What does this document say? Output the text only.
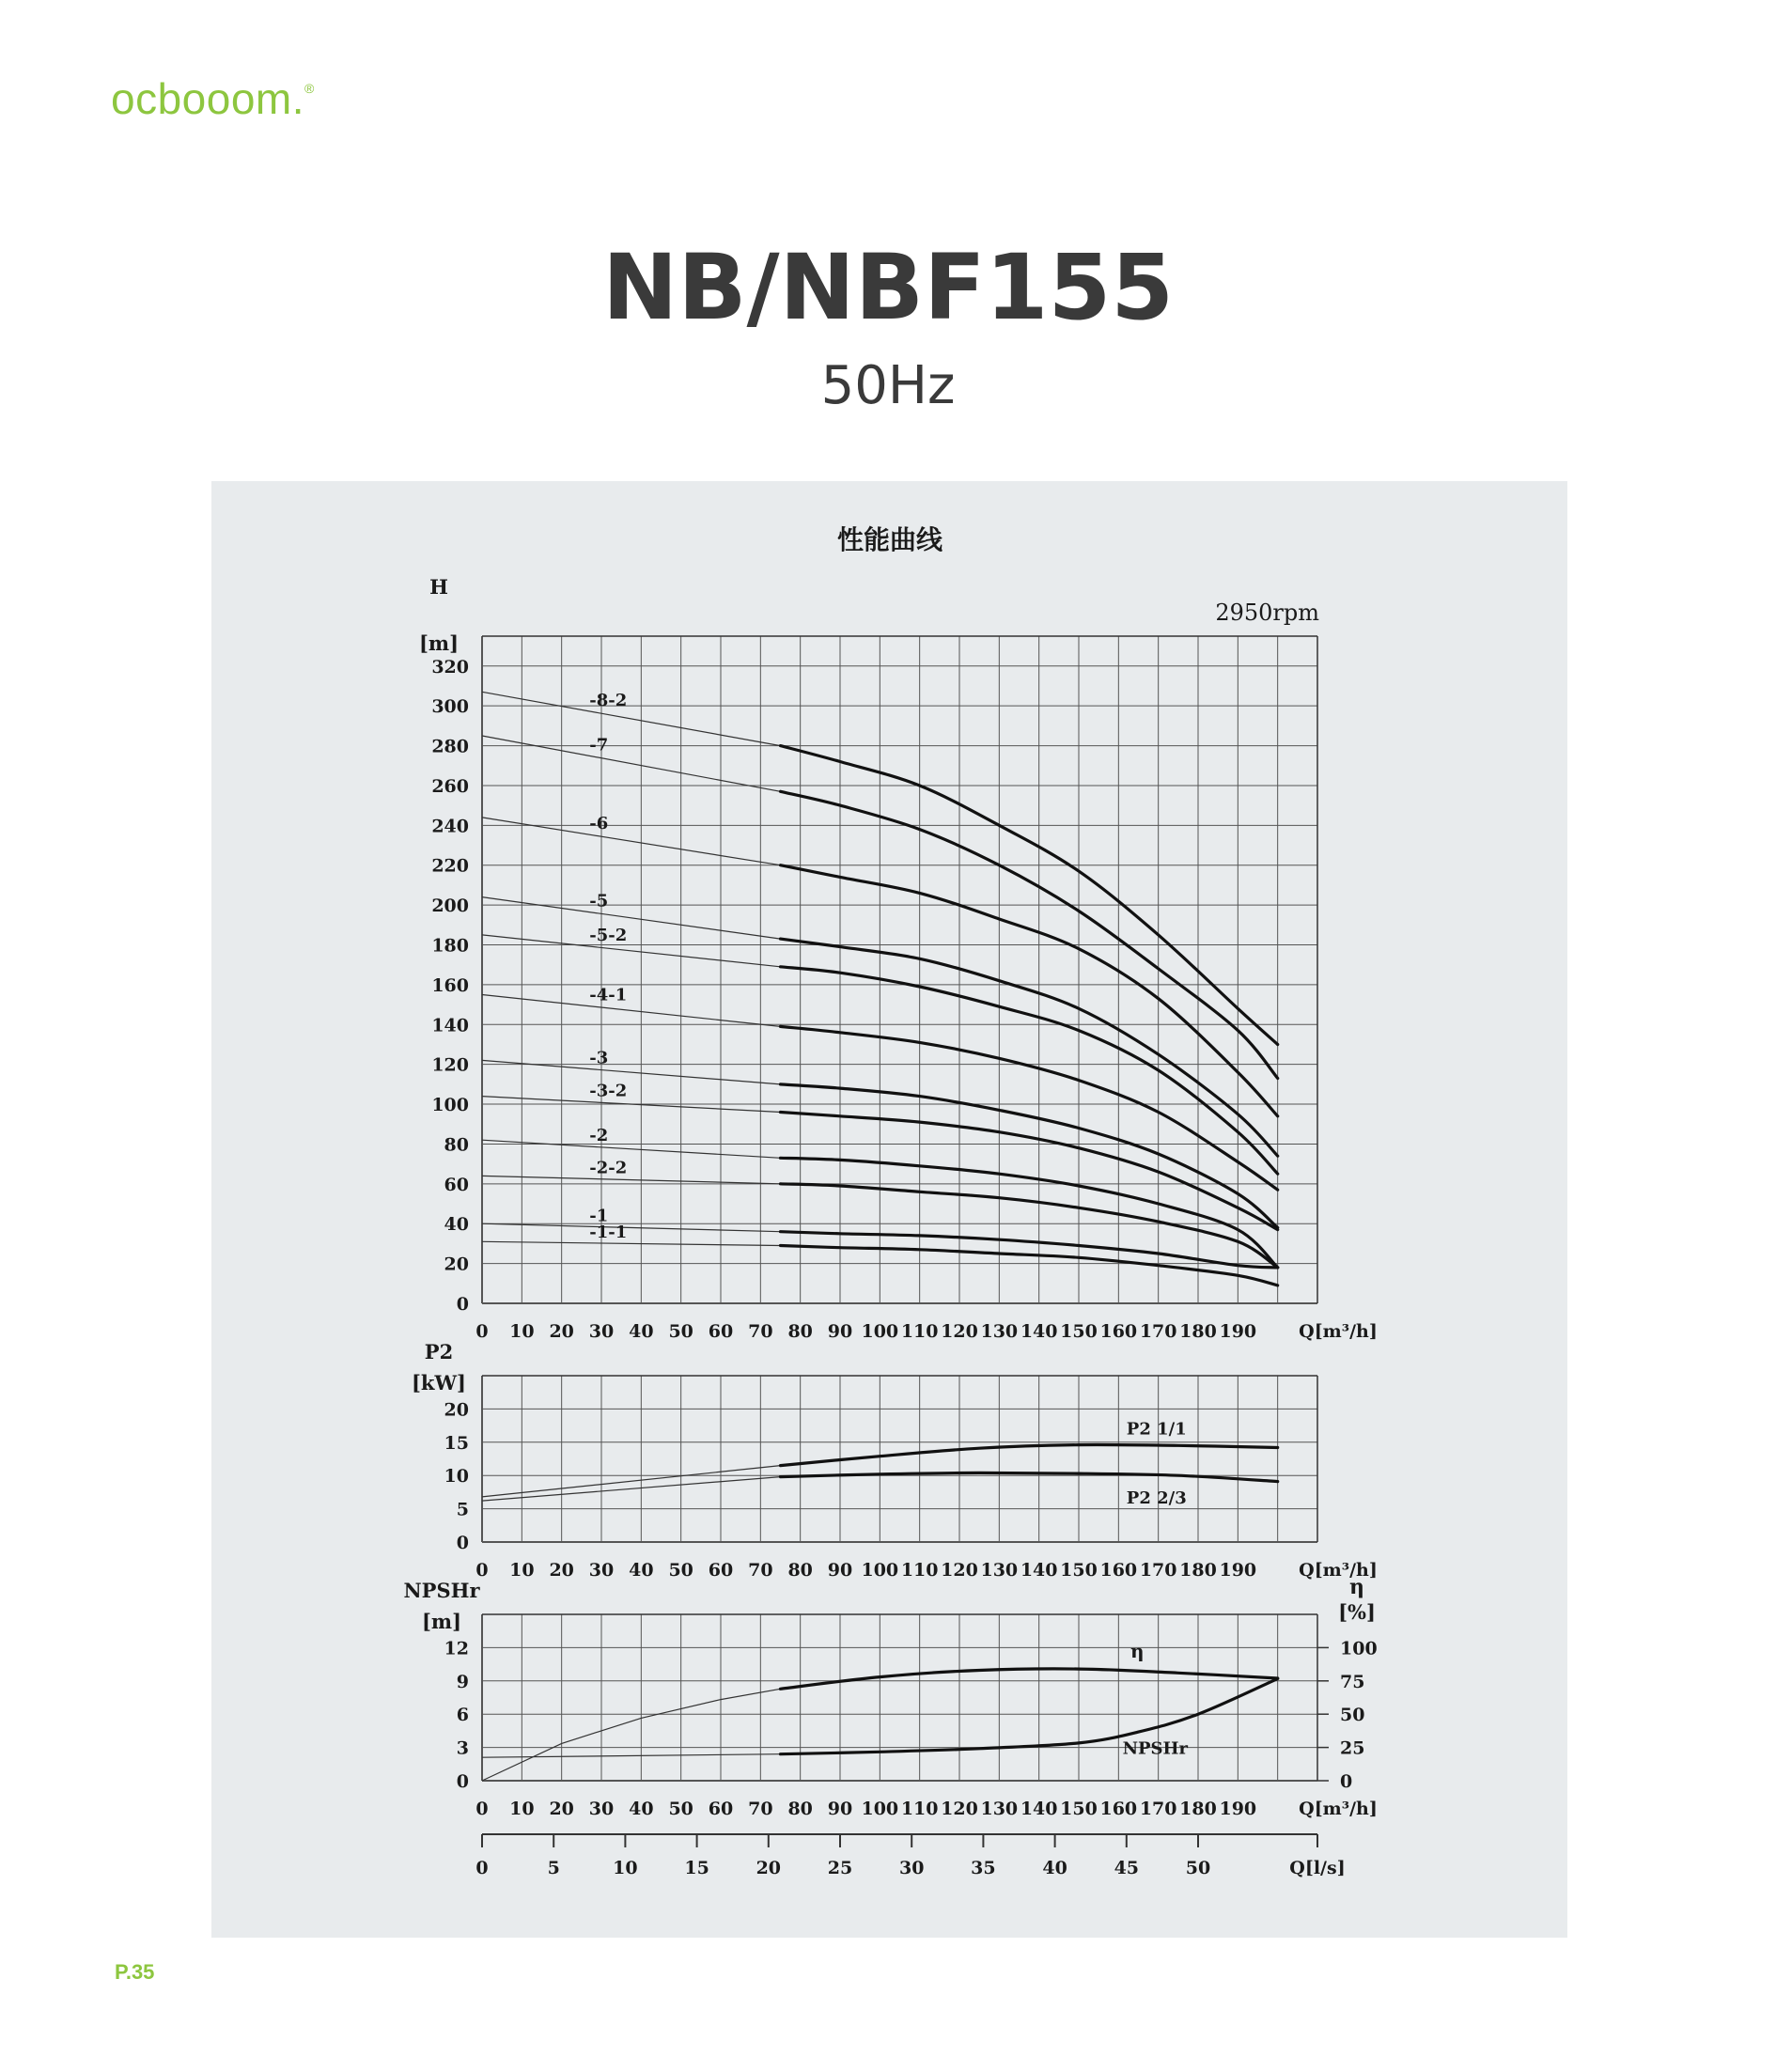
ocbooom.®
NB/NBF155
50Hz
性能曲线
0
20
40
60
80
100
120
140
160
180
200
220
240
260
280
300
320
H
[m]
0 10 20 30 40 50 60 70 80 90 100 110 120 130 140 150 160 170 180 190 Q[m³/h]
0
5
10
15
20
P2
[kW]
0 10 20 30 40 50 60 70 80 90 100 110 120 130 140 150 160 170 180 190 Q[m³/h]
0
3
6
9
12
NPSHr
[m]
0 10 20 30 40 50 60 70 80 90 100 110 120 130 140 150 160 170 180 190 Q[m³/h]
0
25
50
75
100
η
[%]
0	5	10	15	20	25	30	35	40	45	50	Q[l/s]
2950rpm
-8-2
-7
-6
-5
-5-2
-4-1
-3
-3-2
-2
-2-2
-1
-1-1
P2 1/1
P2 2/3
η
NPSHr
P.35
